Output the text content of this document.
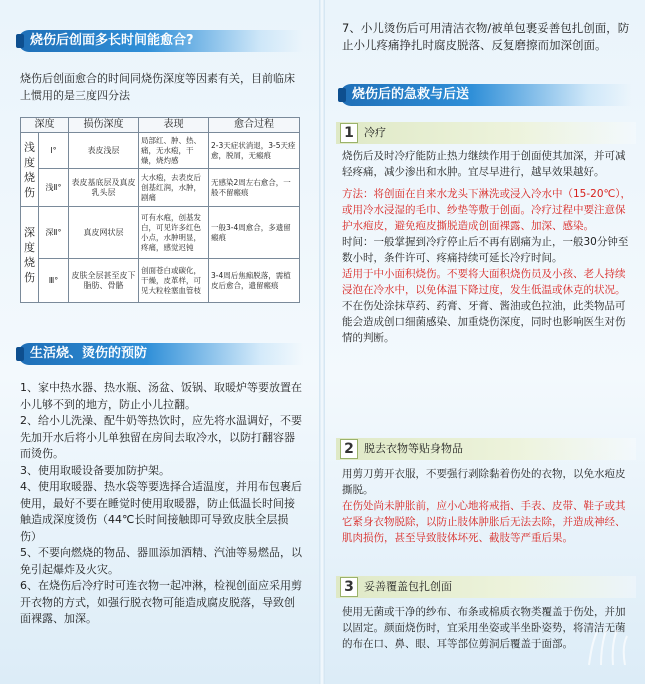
烧伤后创面多长时间能愈合?
烧伤后创面愈合的时间同烧伤深度等因素有关，目前临床上惯用的是三度四分法
深度		损伤深度	表现	愈合过程
浅度烧伤	Ⅰ°	表皮浅层	局部红、肿、热、痛，无水疱，干燥，烧灼感	2-3天症状消退，3-5天痊愈，脱屑，无瘢痕
	浅Ⅱ°	表皮基底层及真皮乳头层	大水疱，去表皮后创基红润，水肿，剧痛	无感染2周左右愈合，一般不留瘢痕
深度烧伤	深Ⅱ°	真皮网状层	可有水疱，创基发白，可见许多红色小点，水肿明显，疼痛，感觉迟钝	一般3-4周愈合，多遗留瘢痕
	Ⅲ°	皮肤全层甚至皮下脂肪、骨骼	创面苍白或碳化，干燥，皮革样，可见大粒栓塞血管枝	3-4周后焦痂脱落，需植皮后愈合，遗留瘢痕
生活烧、烫伤的预防
1、家中热水器、热水瓶、汤盆、饭锅、取暖炉等要放置在小儿够不到的地方，防止小儿拉翻。
2、给小儿洗澡、配牛奶等热饮时，应先将水温调好，不要先加开水后将小儿单独留在房间去取冷水，以防打翻容器而烫伤。
3、使用取暖设备要加防护架。
4、使用取暖器、热水袋等要选择合适温度，并用布包裹后使用，最好不要在睡觉时使用取暖器，防止低温长时间接触造成深度烫伤（44℃长时间接触即可导致皮肤全层损伤）
5、不要向燃烧的物品、器皿添加酒精、汽油等易燃品，以免引起爆炸及火灾。
6、在烧伤后冷疗时可连衣物一起冲淋，检视创面应采用剪开衣物的方式，如强行脱衣物可能造成腐皮脱落，导致创面裸露、加深。
7、小儿烫伤后可用清洁衣物/被单包裹妥善包扎创面，防止小儿疼痛挣扎时腐皮脱落、反复磨擦而加深创面。
烧伤后的急救与后送
1 冷疗
烧伤后及时冷疗能防止热力继续作用于创面使其加深，并可减轻疼痛，减少渗出和水肿。宜尽早进行，越早效果越好。
方法：将创面在自来水龙头下淋洗或浸入冷水中（15-20℃），或用冷水浸湿的毛巾、纱垫等敷于创面。冷疗过程中要注意保护水疱皮，避免疱皮撕脱造成创面裸露、加深、感染。
时间：一般掌握到冷疗停止后不再有剧痛为止，一般30分钟至数小时，条件许可、疼痛持续可延长冷疗时间。
适用于中小面积烧伤。不要将大面积烧伤员及小孩、老人持续浸泡在冷水中，以免体温下降过度，发生低温或休克的状况。
不在伤处涂抹草药、药膏、牙膏、酱油或色拉油，此类物品可能会造成创口细菌感染、加重烧伤深度，同时也影响医生对伤情的判断。
2 脱去衣物等贴身物品
用剪刀剪开衣服，不要强行剥除黏着伤处的衣物，以免水疱皮撕脱。
在伤处尚未肿胀前，应小心地将戒指、手表、皮带、鞋子或其它紧身衣物脱除，以防止肢体肿胀后无法去除，并造成神经、肌肉损伤，甚至导致肢体坏死、截肢等严重后果。
3 妥善覆盖包扎创面
使用无菌或干净的纱布、布条或棉质衣物类覆盖于伤处，并加以固定。颜面烧伤时，宜采用坐姿或半坐卧姿势，将清洁无菌的布在口、鼻、眼、耳等部位剪洞后覆盖于面部。
